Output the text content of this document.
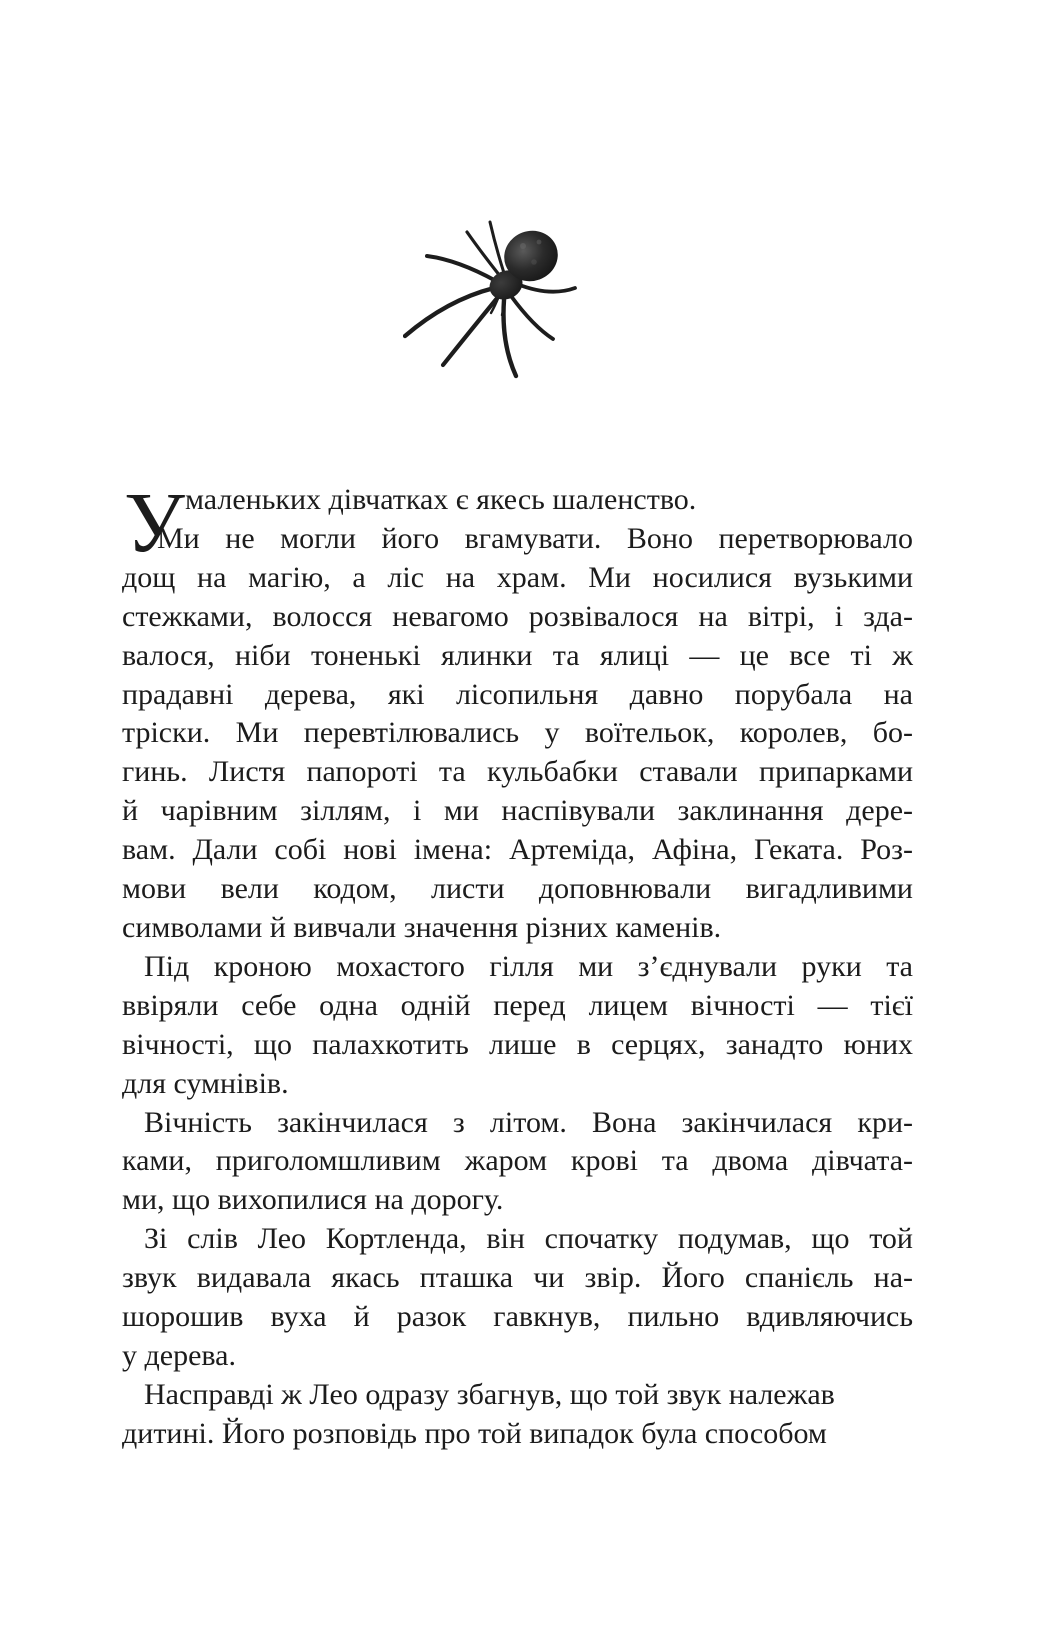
У маленьких дівчатках є якесь шаленство.
Ми не могли його вгамувати. Воно перетворювало
дощ на магію, а ліс на храм. Ми носилися вузькими
стежками, волосся невагомо розвівалося на вітрі, і зда-
валося, ніби тоненькі ялинки та ялиці — це все ті ж
прадавні дерева, які лісопильня давно порубала на
тріски. Ми перевтілювались у воїтельок, королев, бо-
гинь. Листя папороті та кульбабки ставали припарками
й чарівним зіллям, і ми наспівували заклинання дере-
вам. Дали собі нові імена: Артеміда, Афіна, Геката. Роз-
мови вели кодом, листи доповнювали вигадливими
символами й вивчали значення різних каменів.
Під кроною мохастого гілля ми з’єднували руки та
ввіряли себе одна одній перед лицем вічності — тієї
вічності, що палахкотить лише в серцях, занадто юних
для сумнівів.
Вічність закінчилася з літом. Вона закінчилася кри-
ками, приголомшливим жаром крові та двома дівчата-
ми, що вихопилися на дорогу.
Зі слів Лео Кортленда, він спочатку подумав, що той
звук видавала якась пташка чи звір. Його спанієль на-
шорошив вуха й разок гавкнув, пильно вдивляючись
у дерева.
Насправді ж Лео одразу збагнув, що той звук належав
дитині. Його розповідь про той випадок була способом
